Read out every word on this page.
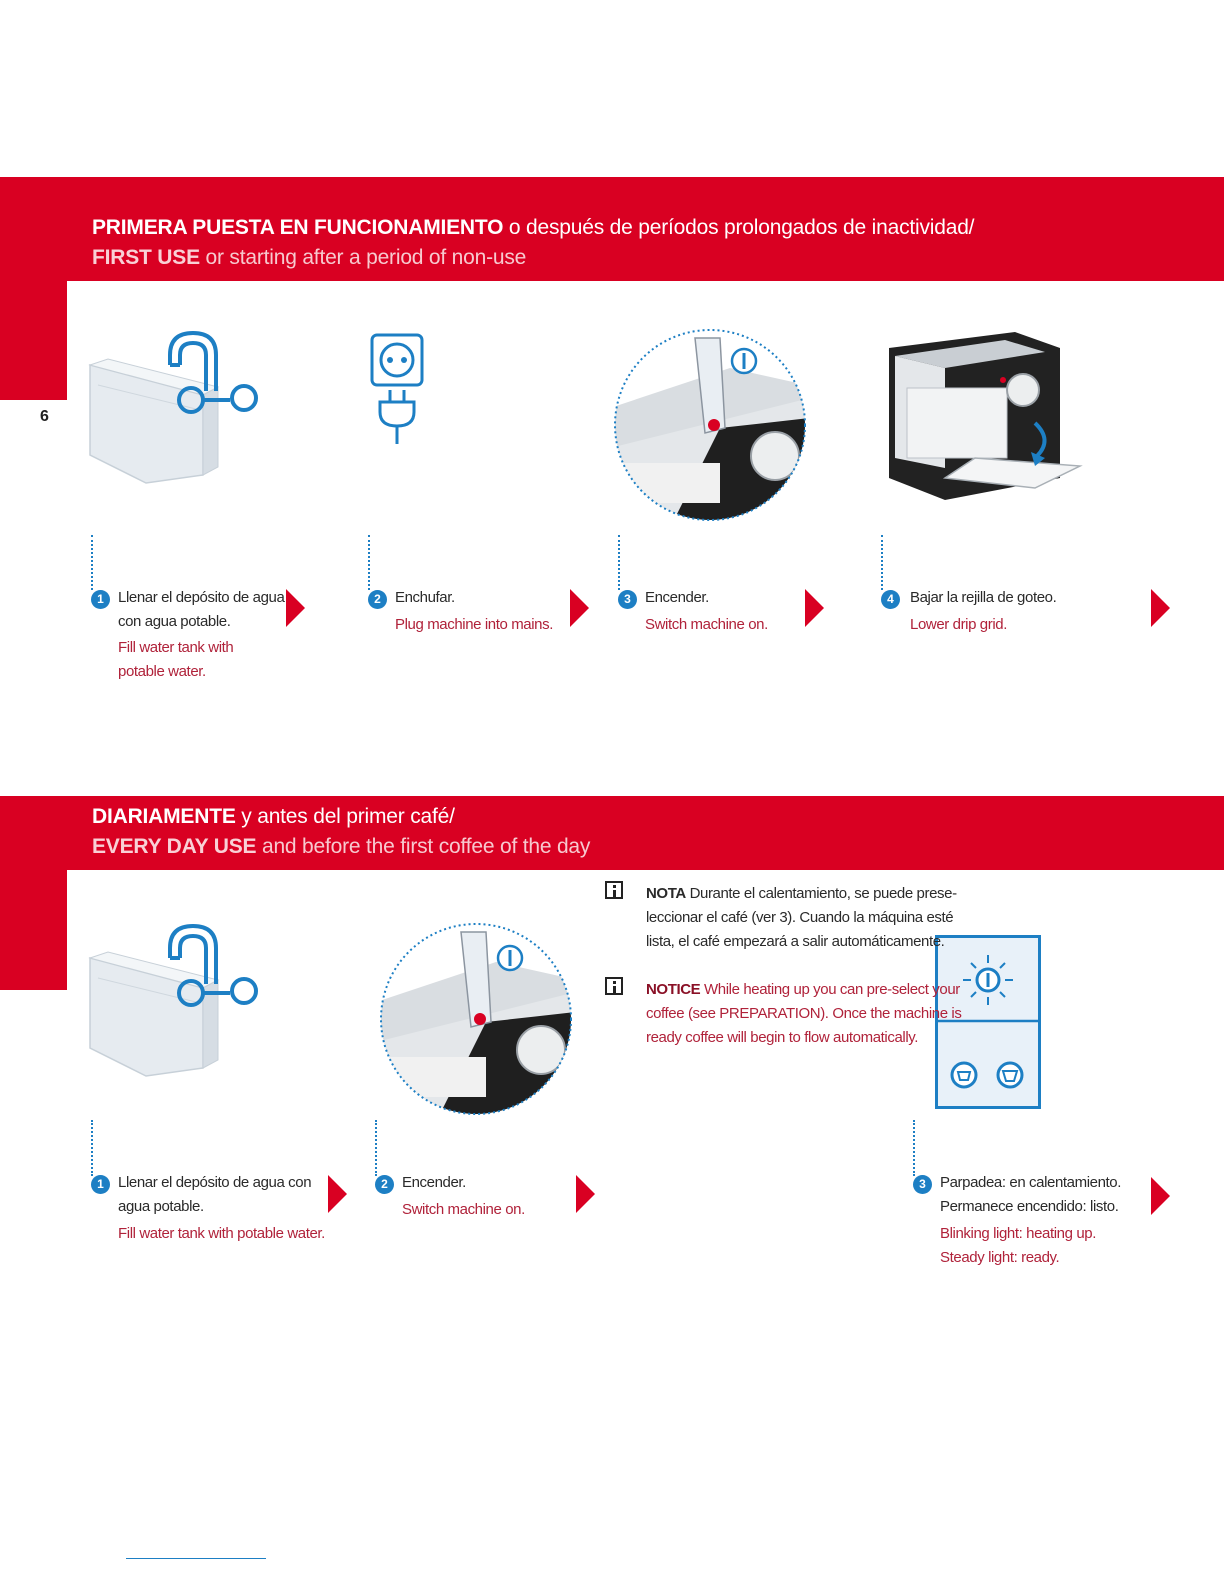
PRIMERA PUESTA EN FUNCIONAMIENTO o después de períodos prolongados de inactividad/
FIRST USE or starting after a period of non-use
6
1 Llenar el depósito de agua
con agua potable.
Fill water tank with
potable water.
2 Enchufar.
Plug machine into mains.
3 Encender.
Switch machine on.
4	Bajar la rejilla de goteo.
Lower drip grid.
DIARIAMENTE y antes del primer café/
EVERY DAY USE and before the first coffee of the day
NOTA Durante el calentamiento, se puede prese-
leccionar el café (ver 3). Cuando la máquina esté
lista, el café empezará a salir automáticamente.
NOTICE While heating up you can pre-select your
coffee (see PREPARATION). Once the machine is
ready coffee will begin to flow automatically.
1 Llenar el depósito de agua con
agua potable.
Fill water tank with potable water.
2 Encender.
Switch machine on.
3 Parpadea: en calentamiento.
Permanece encendido: listo.
Blinking light: heating up.
Steady light: ready.
